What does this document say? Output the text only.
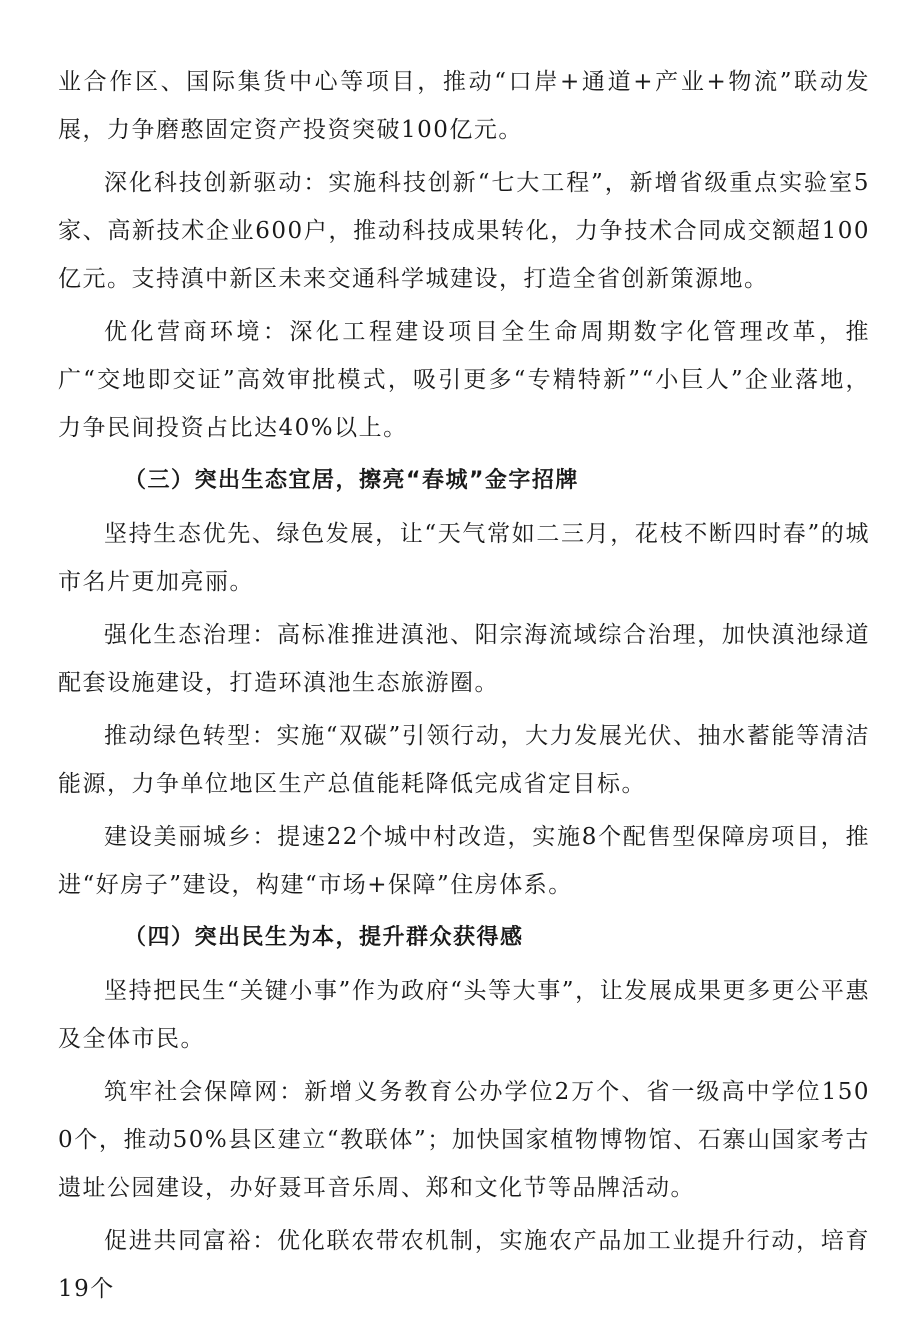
业合作区、国际集货中心等项目，推动“口岸+通道+产业+物流”联动发展，力争磨憨固定资产投资突破100亿元。

深化科技创新驱动：实施科技创新“七大工程”，新增省级重点实验室5家、高新技术企业600户，推动科技成果转化，力争技术合同成交额超100亿元。支持滇中新区未来交通科学城建设，打造全省创新策源地。

优化营商环境：深化工程建设项目全生命周期数字化管理改革，推广“交地即交证”高效审批模式，吸引更多“专精特新”“小巨人”企业落地，力争民间投资占比达40%以上。

（三）突出生态宜居，擦亮“春城”金字招牌

坚持生态优先、绿色发展，让“天气常如二三月，花枝不断四时春”的城市名片更加亮丽。

强化生态治理：高标准推进滇池、阳宗海流域综合治理，加快滇池绿道配套设施建设，打造环滇池生态旅游圈。

推动绿色转型：实施“双碳”引领行动，大力发展光伏、抽水蓄能等清洁能源，力争单位地区生产总值能耗降低完成省定目标。

建设美丽城乡：提速22个城中村改造，实施8个配售型保障房项目，推进“好房子”建设，构建“市场+保障”住房体系。

（四）突出民生为本，提升群众获得感

坚持把民生“关键小事”作为政府“头等大事”，让发展成果更多更公平惠及全体市民。

筑牢社会保障网：新增义务教育公办学位2万个、省一级高中学位1500个，推动50%县区建立“教联体”；加快国家植物博物馆、石寨山国家考古遗址公园建设，办好聂耳音乐周、郑和文化节等品牌活动。

促进共同富裕：优化联农带农机制，实施农产品加工业提升行动，培育19个
